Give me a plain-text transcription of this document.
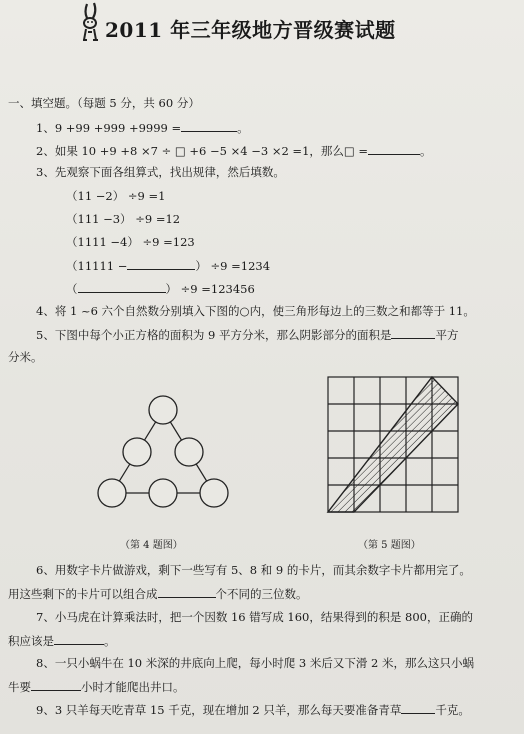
2011 年三年级地方晋级赛试题
一、填空题。（每题 5 分，共 60 分）
1、9 +99 +999 +9999 =	。
2、如果 10 +9 +8 ×7 ÷ □ +6 −5 ×4 −3 ×2 =1，那么□ =	。
3、先观察下面各组算式，找出规律，然后填数。
（11 −2） ÷9 =1
（111 −3） ÷9 =12
（1111 −4） ÷9 =123
（11111 −	） ÷9 =1234
（	） ÷9 =123456
4、将 1 ~6 六个自然数分别填入下图的○内，使三角形每边上的三数之和都等于 11。
5、下图中每个小正方格的面积为 9 平方分米，那么阴影部分的面积是	平方
分米。
（第 4 题图）	（第 5 题图）
6、用数字卡片做游戏，剩下一些写有 5、8 和 9 的卡片，而其余数字卡片都用完了。
用这些剩下的卡片可以组合成	个不同的三位数。
7、小马虎在计算乘法时，把一个因数 16 错写成 160，结果得到的积是 800，正确的
积应该是	。
8、一只小蜗牛在 10 米深的井底向上爬，每小时爬 3 米后又下滑 2 米，那么这只小蜗
牛要	小时才能爬出井口。
9、3 只羊每天吃青草 15 千克，现在增加 2 只羊，那么每天要准备青草	千克。
